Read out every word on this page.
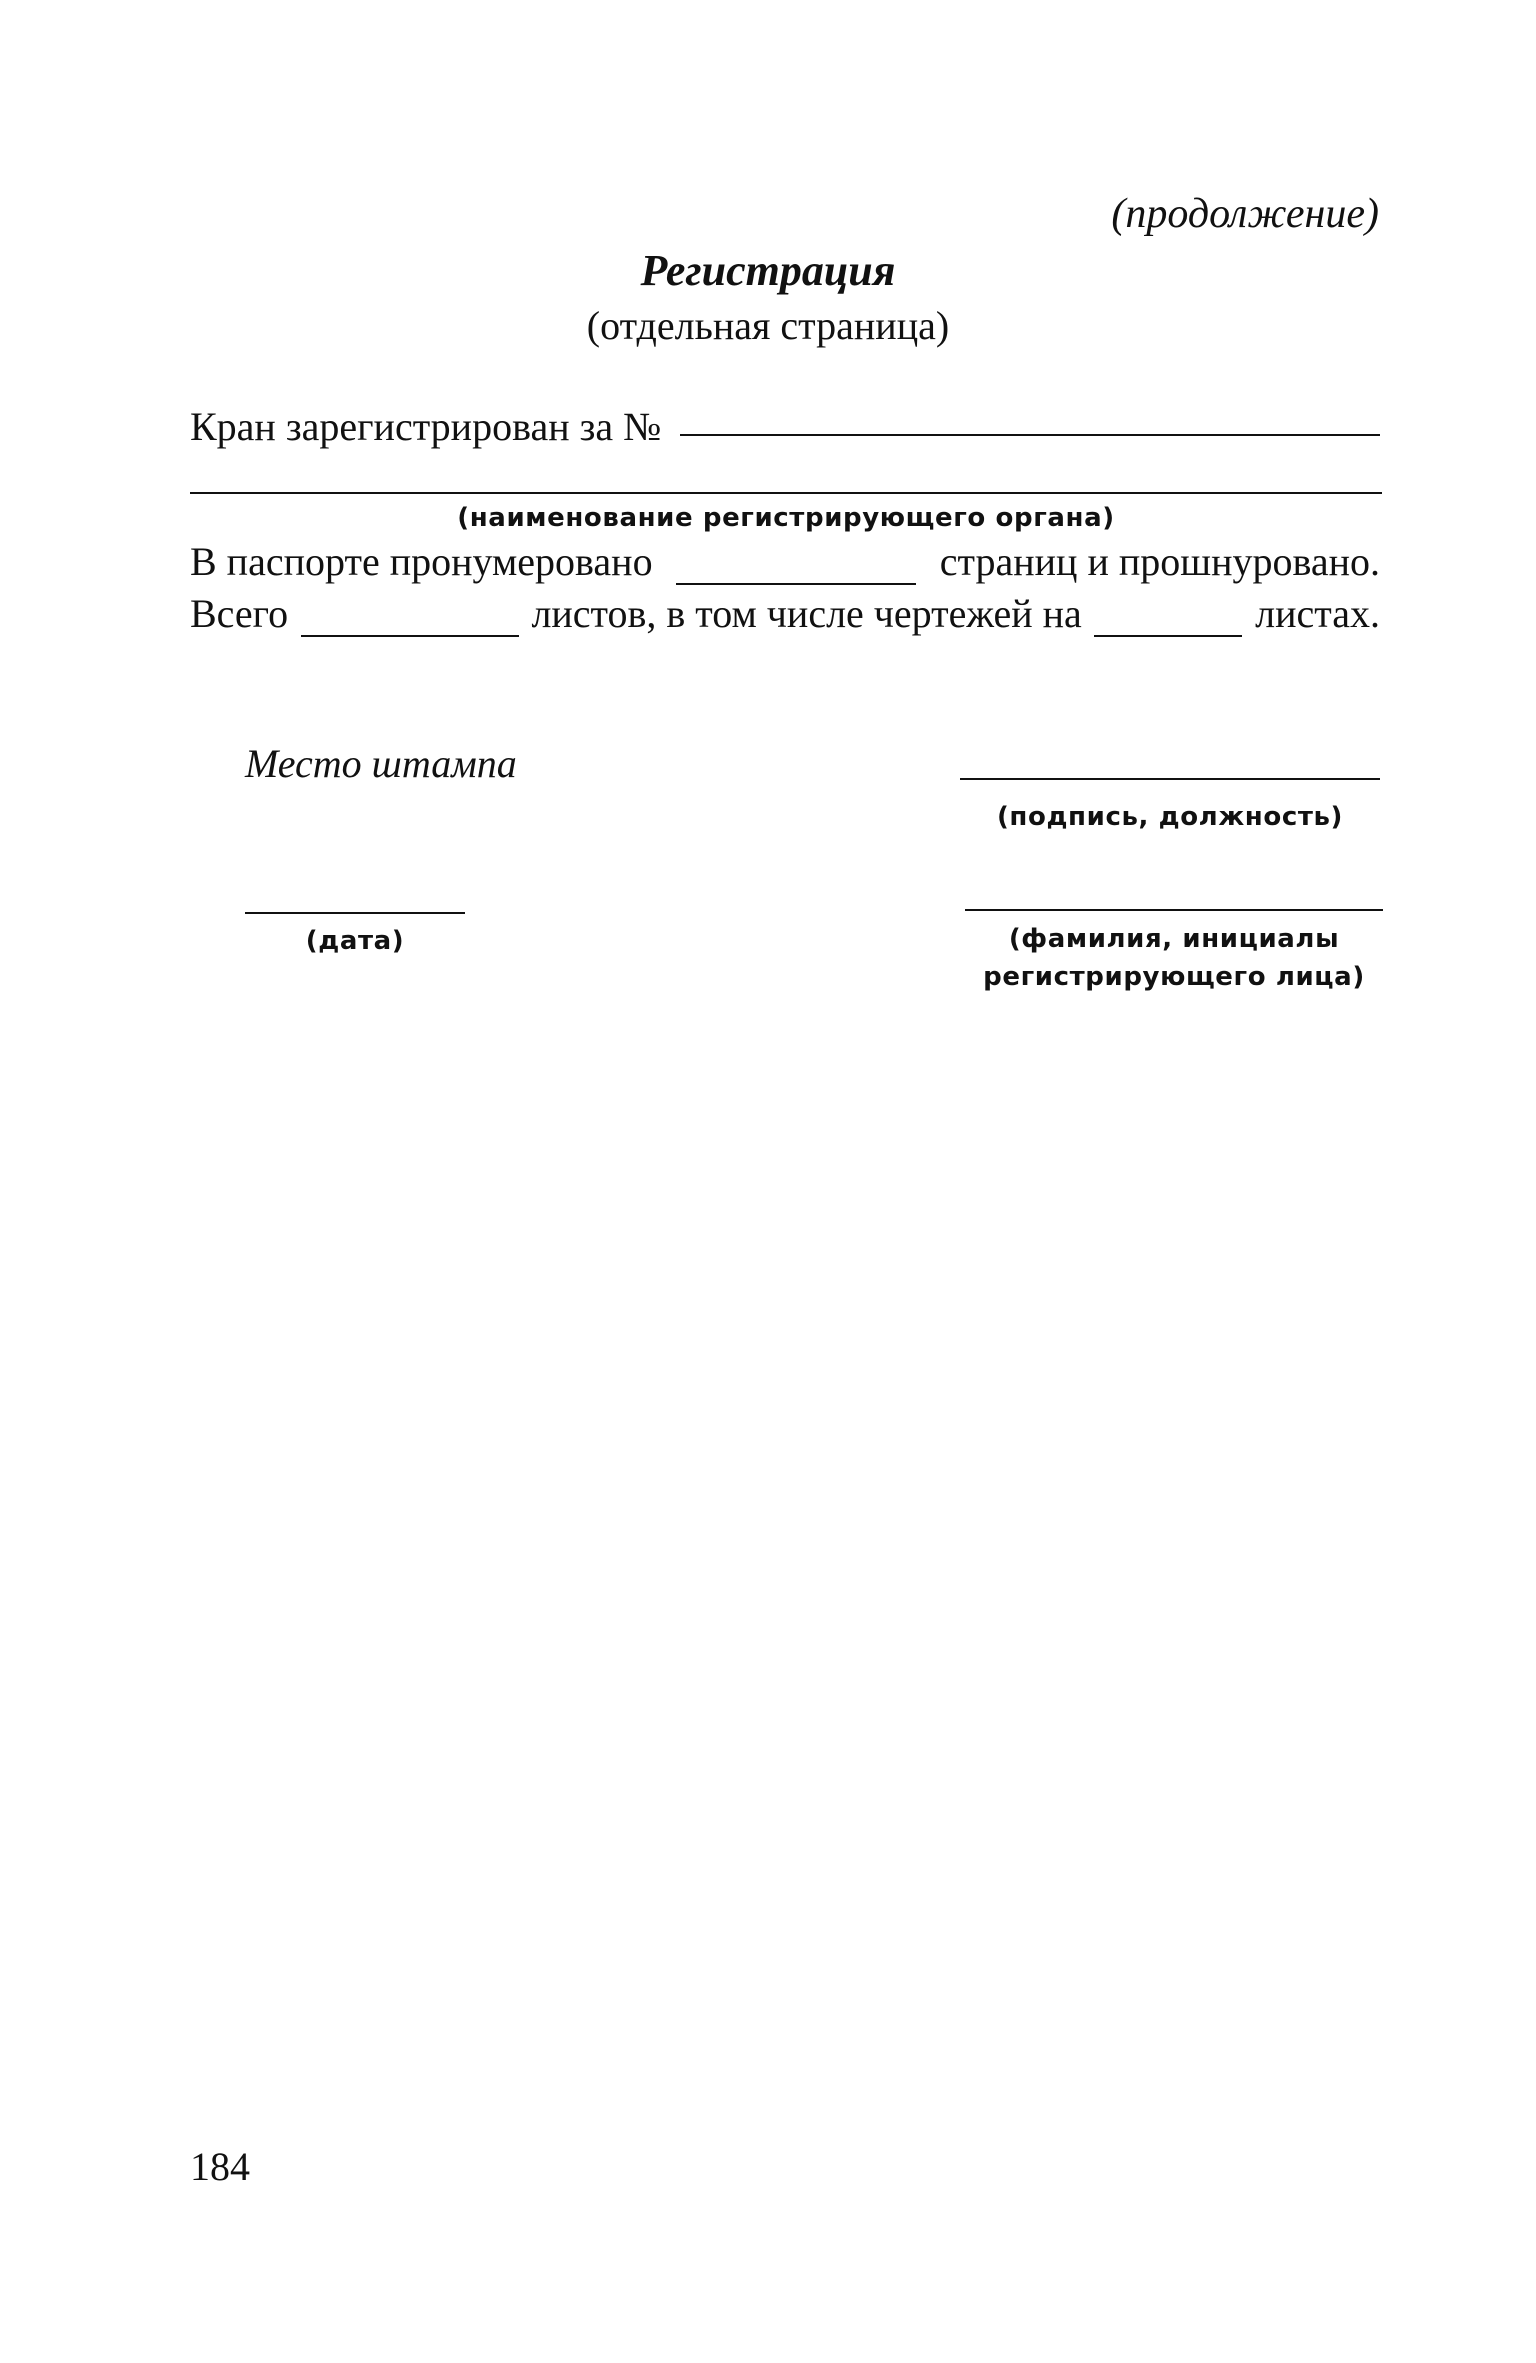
(продолжение)
Регистрация
(отдельная страница)
Кран зарегистрирован за №
(наименование регистрирующего органа)
В паспорте пронумеровано	страниц и прошнуровано.
Всего	листов, в том числе чертежей на	листах.
Место штампа
(подпись, должность)
(дата)	(фамилия, инициалы
регистрирующего лица)
184
